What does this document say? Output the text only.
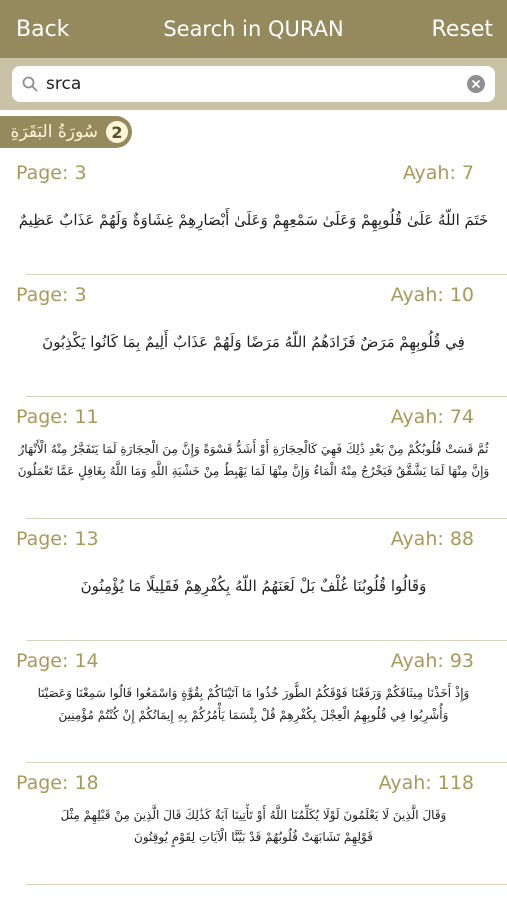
Back	Search in QURAN	Reset
srca
سُورَةُ البَقَرَةِ 2
Page: 3	Ayah: 7
خَتَمَ اللَّهُ عَلَىٰ قُلُوبِهِمْ وَعَلَىٰ سَمْعِهِمْ وَعَلَىٰ أَبْصَارِهِمْ غِشَاوَةٌ وَلَهُمْ عَذَابٌ عَظِيمٌ
Page: 3	Ayah: 10
فِي قُلُوبِهِمْ مَرَضٌ فَزَادَهُمُ اللَّهُ مَرَضًا وَلَهُمْ عَذَابٌ أَلِيمٌ بِمَا كَانُوا يَكْذِبُونَ
Page: 11	Ayah: 74
ثُمَّ قَسَتْ قُلُوبُكُمْ مِنْ بَعْدِ ذَٰلِكَ فَهِيَ كَالْحِجَارَةِ أَوْ أَشَدُّ قَسْوَةً وَإِنَّ مِنَ الْحِجَارَةِ لَمَا يَتَفَجَّرُ مِنْهُ الْأَنْهَارُ
وَإِنَّ مِنْهَا لَمَا يَشَّقَّقُ فَيَخْرُجُ مِنْهُ الْمَاءُ وَإِنَّ مِنْهَا لَمَا يَهْبِطُ مِنْ خَشْيَةِ اللَّهِ وَمَا اللَّهُ بِغَافِلٍ عَمَّا تَعْمَلُونَ
Page: 13	Ayah: 88
وَقَالُوا قُلُوبُنَا غُلْفٌ بَلْ لَعَنَهُمُ اللَّهُ بِكُفْرِهِمْ فَقَلِيلًا مَا يُؤْمِنُونَ
Page: 14	Ayah: 93
وَإِذْ أَخَذْنَا مِيثَاقَكُمْ وَرَفَعْنَا فَوْقَكُمُ الطُّورَ خُذُوا مَا آتَيْنَاكُمْ بِقُوَّةٍ وَاسْمَعُوا قَالُوا سَمِعْنَا وَعَصَيْنَا
وَأُشْرِبُوا فِي قُلُوبِهِمُ الْعِجْلَ بِكُفْرِهِمْ قُلْ بِئْسَمَا يَأْمُرُكُمْ بِهِ إِيمَانُكُمْ إِنْ كُنْتُمْ مُؤْمِنِينَ
Page: 18	Ayah: 118
وَقَالَ الَّذِينَ لَا يَعْلَمُونَ لَوْلَا يُكَلِّمُنَا اللَّهُ أَوْ تَأْتِينَا آيَةٌ كَذَٰلِكَ قَالَ الَّذِينَ مِنْ قَبْلِهِمْ مِثْلَ
قَوْلِهِمْ تَشَابَهَتْ قُلُوبُهُمْ قَدْ بَيَّنَّا الْآيَاتِ لِقَوْمٍ يُوقِنُونَ
